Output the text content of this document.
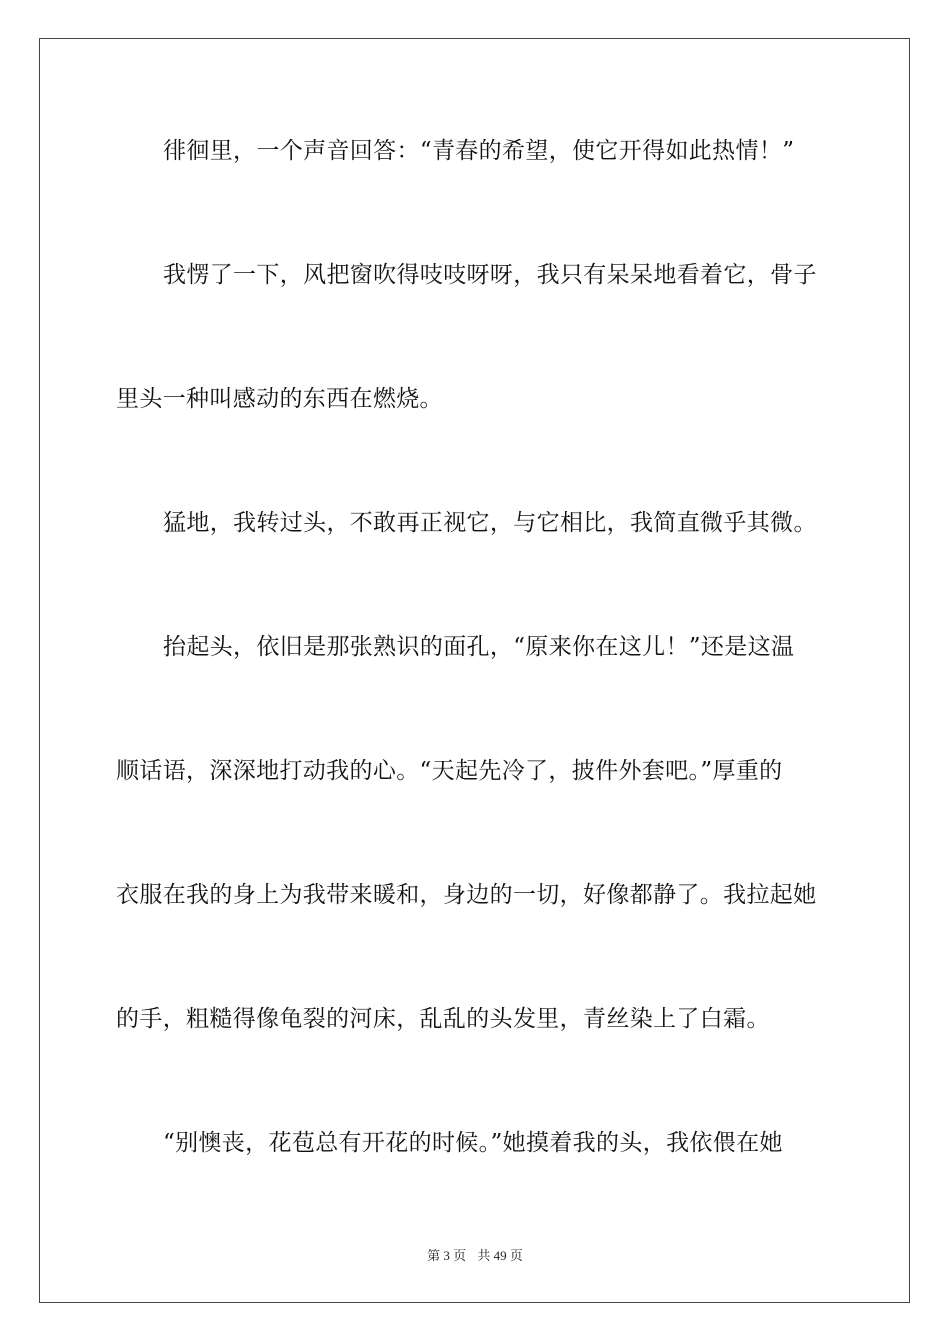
徘徊里，一个声音回答：“青春的希望，使它开得如此热情！”
我愣了一下，风把窗吹得吱吱呀呀，我只有呆呆地看着它，骨子
里头一种叫感动的东西在燃烧。
猛地，我转过头，不敢再正视它，与它相比，我简直微乎其微。
抬起头，依旧是那张熟识的面孔，“原来你在这儿！”还是这温
顺话语，深深地打动我的心。“天起先冷了，披件外套吧。”厚重的
衣服在我的身上为我带来暖和，身边的一切，好像都静了。我拉起她
的手，粗糙得像龟裂的河床，乱乱的头发里，青丝染上了白霜。
“别懊丧，花苞总有开花的时候。”她摸着我的头，我依偎在她
第 3 页 共 49 页
